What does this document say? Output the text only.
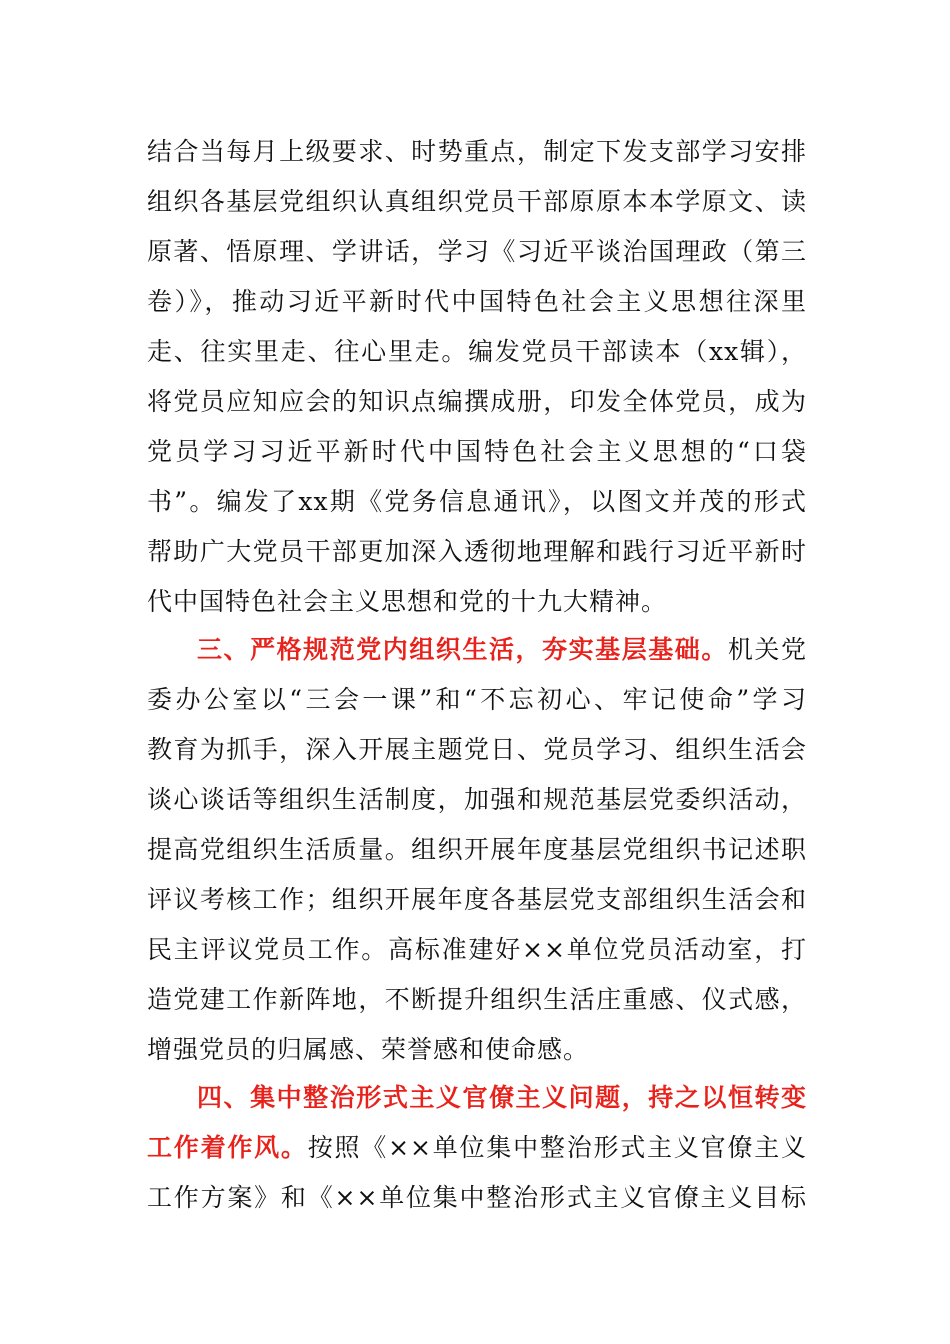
结合当每月上级要求、时势重点，制定下发支部学习安排
组织各基层党组织认真组织党员干部原原本本学原文、读
原著、悟原理、学讲话，学习《习近平谈治国理政（第三
卷）》，推动习近平新时代中国特色社会主义思想往深里
走、往实里走、往心里走。编发党员干部读本（xx辑），
将党员应知应会的知识点编撰成册，印发全体党员，成为
党员学习习近平新时代中国特色社会主义思想的“口袋
书”。编发了xx期《党务信息通讯》，以图文并茂的形式
帮助广大党员干部更加深入透彻地理解和践行习近平新时
代中国特色社会主义思想和党的十九大精神。
三、严格规范党内组织生活，夯实基层基础。机关党
委办公室以“三会一课”和“不忘初心、牢记使命”学习
教育为抓手，深入开展主题党日、党员学习、组织生活会
谈心谈话等组织生活制度，加强和规范基层党委织活动，
提高党组织生活质量。组织开展年度基层党组织书记述职
评议考核工作；组织开展年度各基层党支部组织生活会和
民主评议党员工作。高标准建好××单位党员活动室，打
造党建工作新阵地，不断提升组织生活庄重感、仪式感，
增强党员的归属感、荣誉感和使命感。
四、集中整治形式主义官僚主义问题，持之以恒转变
工作着作风。按照《××单位集中整治形式主义官僚主义
工作方案》和《××单位集中整治形式主义官僚主义目标
